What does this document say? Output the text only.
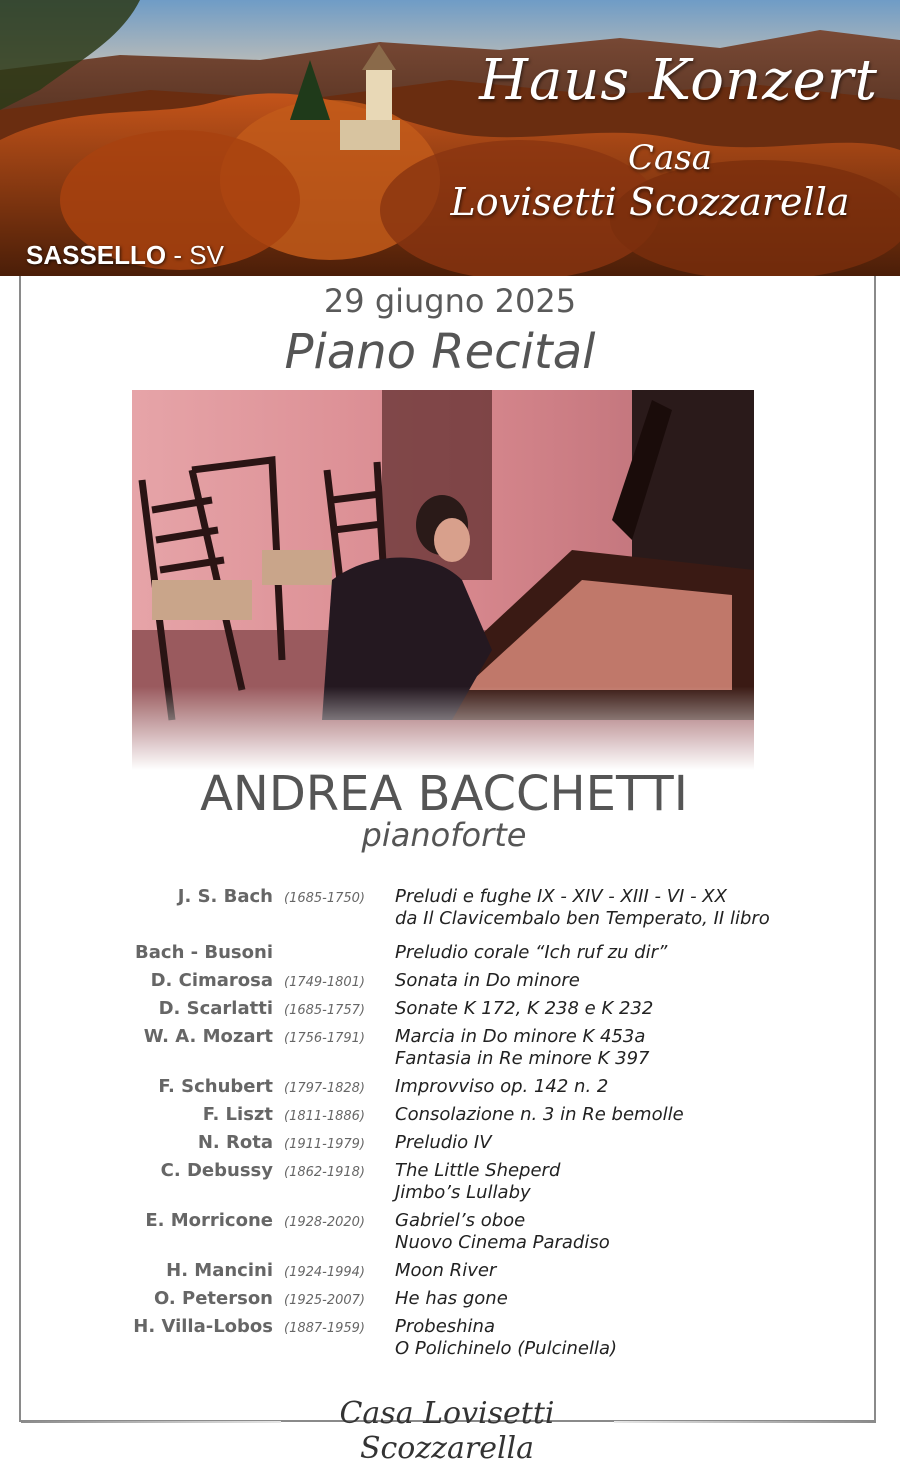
Haus Konzert
Casa
Lovisetti Scozzarella
SASSELLO - SV
29 giugno 2025
Piano Recital
ANDREA BACCHETTI
pianoforte
J. S. Bach (1685-1750) Preludi e fughe IX - XIV - XIII - VI - XX
da Il Clavicembalo ben Temperato, II libro
Bach - Busoni	Preludio corale “Ich ruf zu dir”
D. Cimarosa (1749-1801) Sonata in Do minore
D. Scarlatti (1685-1757) Sonate K 172, K 238 e K 232
W. A. Mozart (1756-1791) Marcia in Do minore K 453a
Fantasia in Re minore K 397
F. Schubert (1797-1828) Improvviso op. 142 n. 2
F. Liszt (1811-1886) Consolazione n. 3 in Re bemolle
N. Rota (1911-1979) Preludio IV
C. Debussy (1862-1918) The Little Sheperd
Jimbo’s Lullaby
E. Morricone (1928-2020) Gabriel’s oboe
Nuovo Cinema Paradiso
H. Mancini (1924-1994) Moon River
O. Peterson (1925-2007) He has gone
H. Villa-Lobos (1887-1959) Probeshina
O Polichinelo (Pulcinella)
Casa Lovisetti Scozzarella
